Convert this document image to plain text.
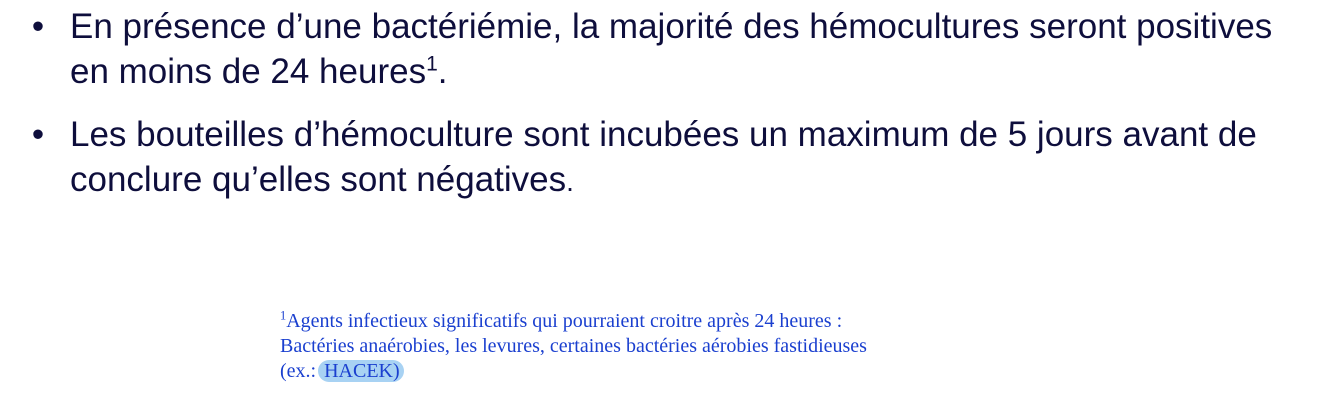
• En présence d’une bactériémie, la majorité des hémocultures seront positives en moins de 24 heures$^1$.
• Les bouteilles d’hémoculture sont incubées un maximum de 5 jours avant de conclure qu’elles sont négatives.
$^1$Agents infectieux significatifs qui pourraient croitre après 24 heures :
Bactéries anaérobies, les levures, certaines bactéries aérobies fastidieuses
(ex.: HACEK)
